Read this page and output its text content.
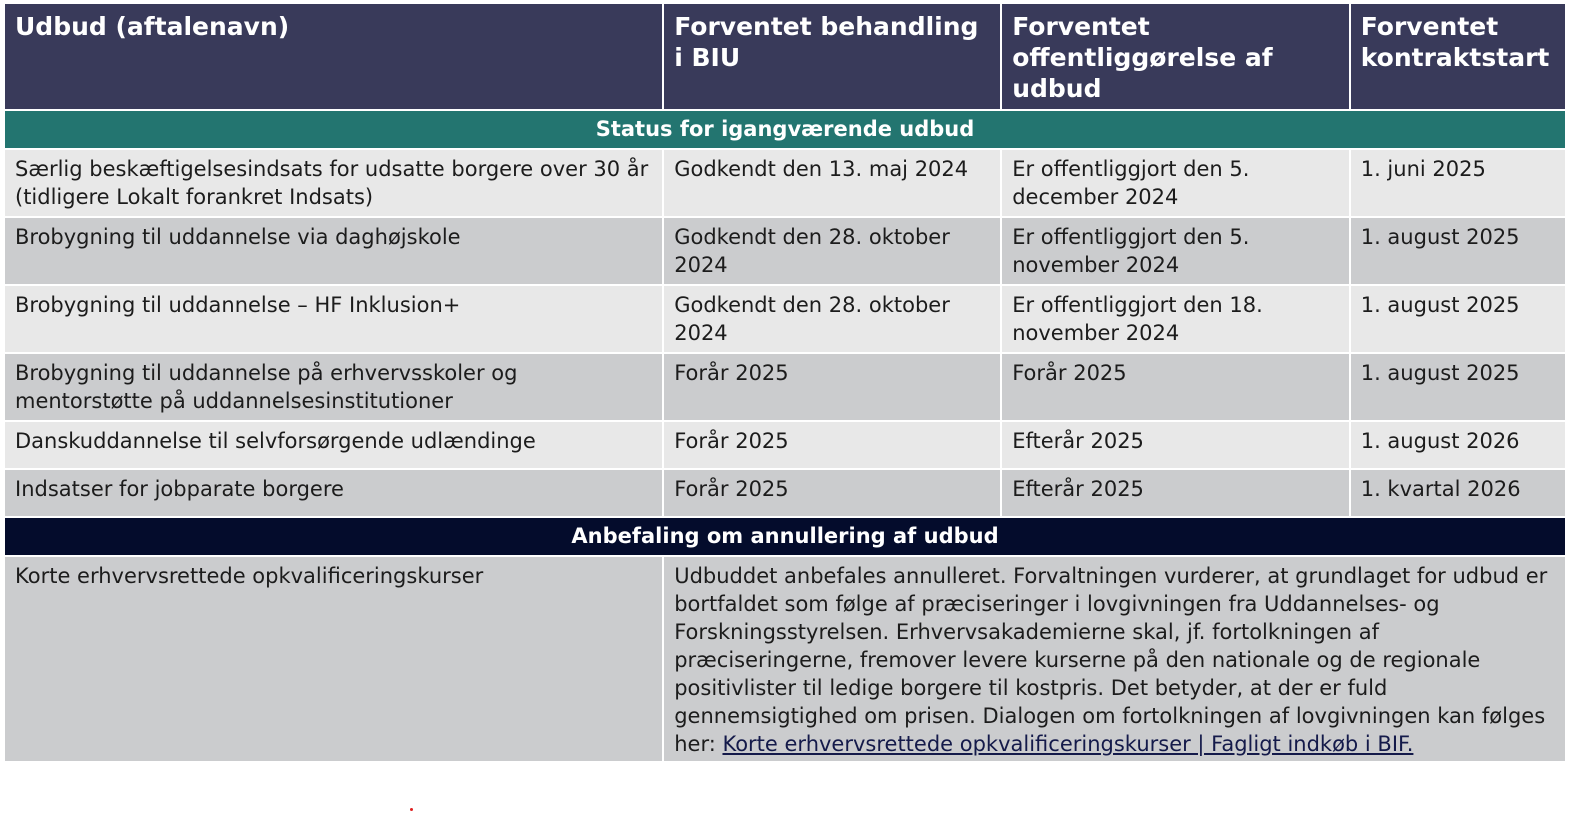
Udbud (aftalenavn)	Forventet behandling i BIU	Forventet offentliggørelse af udbud	Forventet kontraktstart
Status for igangværende udbud			
Særlig beskæftigelsesindsats for udsatte borgere over 30 år (tidligere Lokalt forankret Indsats)	Godkendt den 13. maj 2024	Er offentliggjort den 5. december 2024	1. juni 2025
Brobygning til uddannelse via daghøjskole	Godkendt den 28. oktober 2024	Er offentliggjort den 5. november 2024	1. august 2025
Brobygning til uddannelse – HF Inklusion+	Godkendt den 28. oktober 2024	Er offentliggjort den 18. november 2024	1. august 2025
Brobygning til uddannelse på erhvervsskoler og mentorstøtte på uddannelsesinstitutioner	Forår 2025	Forår 2025	1. august 2025
Danskuddannelse til selvforsørgende udlændinge	Forår 2025	Efterår 2025	1. august 2026
Indsatser for jobparate borgere	Forår 2025	Efterår 2025	1. kvartal 2026
Anbefaling om annullering af udbud			
Korte erhvervsrettede opkvalificeringskurser	Udbuddet anbefales annulleret. Forvaltningen vurderer, at grundlaget for udbud er bortfaldet som følge af præciseringer i lovgivningen fra Uddannelses- og Forskningsstyrelsen. Erhvervsakademierne skal, jf. fortolkningen af præciseringerne, fremover levere kurserne på den nationale og de regionale positivlister til ledige borgere til kostpris. Det betyder, at der er fuld gennemsigtighed om prisen. Dialogen om fortolkningen af lovgivningen kan følges her: Korte erhvervsrettede opkvalificeringskurser | Fagligt indkøb i BIF.		
